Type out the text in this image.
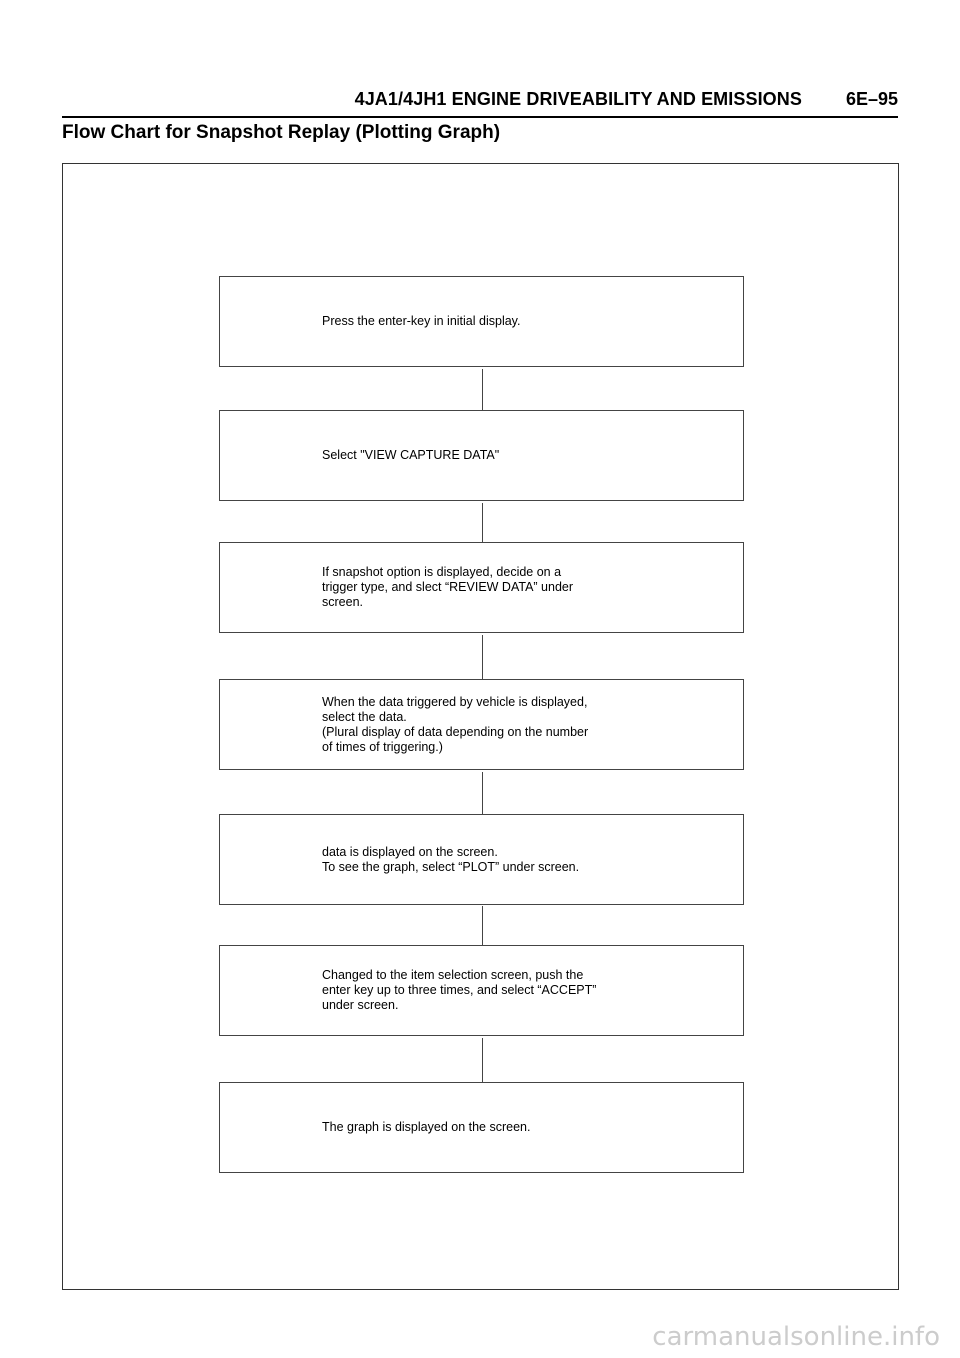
4JA1/4JH1 ENGINE DRIVEABILITY AND EMISSIONS 6E–95
Flow Chart for Snapshot Replay (Plotting Graph)
Press the enter-key in initial display.
Select "VIEW CAPTURE DATA"
If snapshot option is displayed, decide on a
trigger type, and slect “REVIEW DATA” under
screen.
When the data triggered by vehicle is displayed,
select the data.
(Plural display of data depending on the number
of times of triggering.)
data is displayed on the screen.
To see the graph, select “PLOT” under screen.
Changed to the item selection screen, push the
enter key up to three times, and select “ACCEPT”
under screen.
The graph is displayed on the screen.
carmanualsonline.info
